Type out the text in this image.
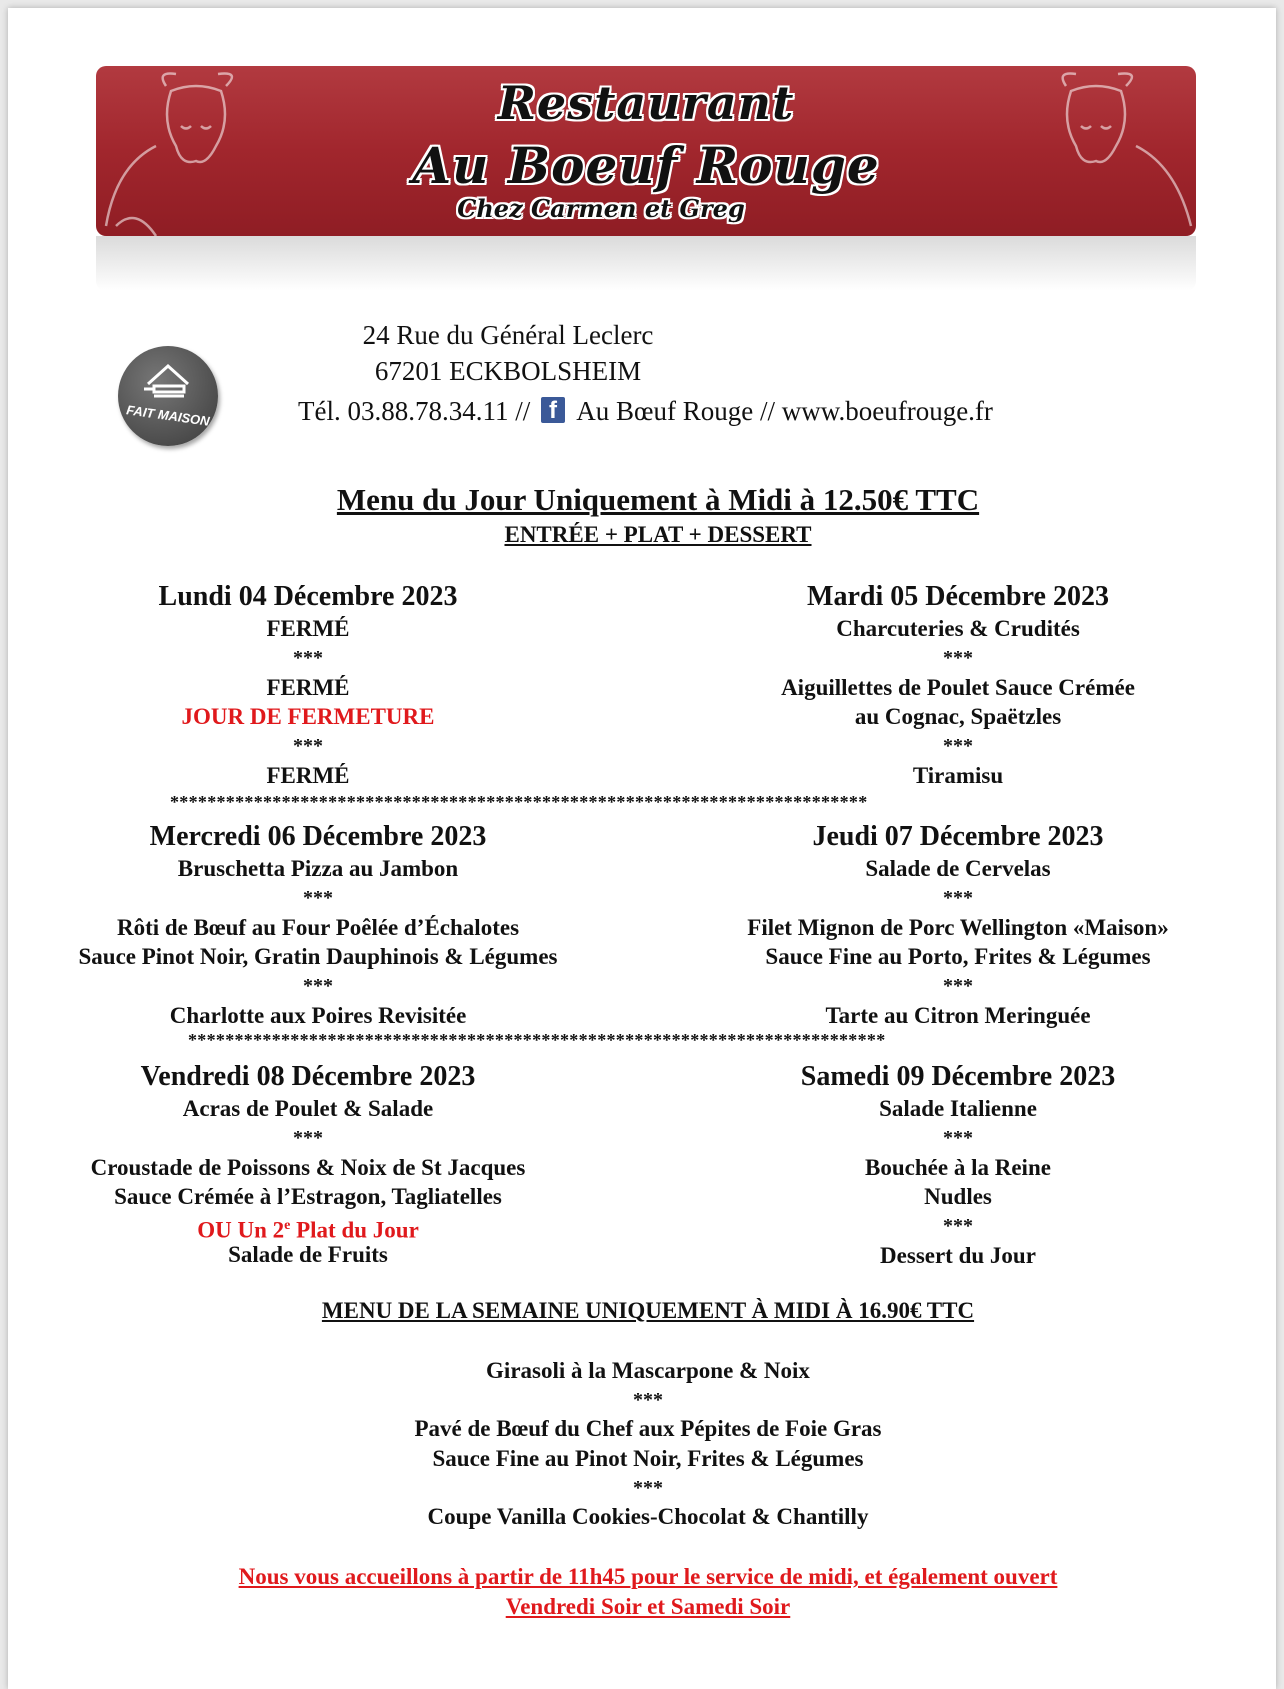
Restaurant
Au Boeuf Rouge
Chez Carmen et Greg
FAIT MAISON
24 Rue du Général Leclerc
67201 ECKBOLSHEIM
Tél. 03.88.78.34.11 // f Au Bœuf Rouge // www.boeufrouge.fr
Menu du Jour Uniquement à Midi à 12.50€ TTC
ENTRÉE + PLAT + DESSERT
Lundi 04 Décembre 2023
FERMÉ
***
FERMÉ
JOUR DE FERMETURE
***
FERMÉ
Mardi 05 Décembre 2023
Charcuteries & Crudités
***
Aiguillettes de Poulet Sauce Crémée
au Cognac, Spaëtzles
***
Tiramisu
***************************************************************************
Mercredi 06 Décembre 2023
Bruschetta Pizza au Jambon
***
Rôti de Bœuf au Four Poêlée d’Échalotes
Sauce Pinot Noir, Gratin Dauphinois & Légumes
***
Charlotte aux Poires Revisitée
Jeudi 07 Décembre 2023
Salade de Cervelas
***
Filet Mignon de Porc Wellington «Maison»
Sauce Fine au Porto, Frites & Légumes
***
Tarte au Citron Meringuée
***************************************************************************
Vendredi 08 Décembre 2023
Acras de Poulet & Salade
***
Croustade de Poissons & Noix de St Jacques
Sauce Crémée à l’Estragon, Tagliatelles
OU Un 2e Plat du Jour
Salade de Fruits
Samedi 09 Décembre 2023
Salade Italienne
***
Bouchée à la Reine
Nudles
***
Dessert du Jour
MENU DE LA SEMAINE UNIQUEMENT À MIDI À 16.90€ TTC
Girasoli à la Mascarpone & Noix
***
Pavé de Bœuf du Chef aux Pépites de Foie Gras
Sauce Fine au Pinot Noir, Frites & Légumes
***
Coupe Vanilla Cookies-Chocolat & Chantilly
Nous vous accueillons à partir de 11h45 pour le service de midi, et également ouvert
Vendredi Soir et Samedi Soir
